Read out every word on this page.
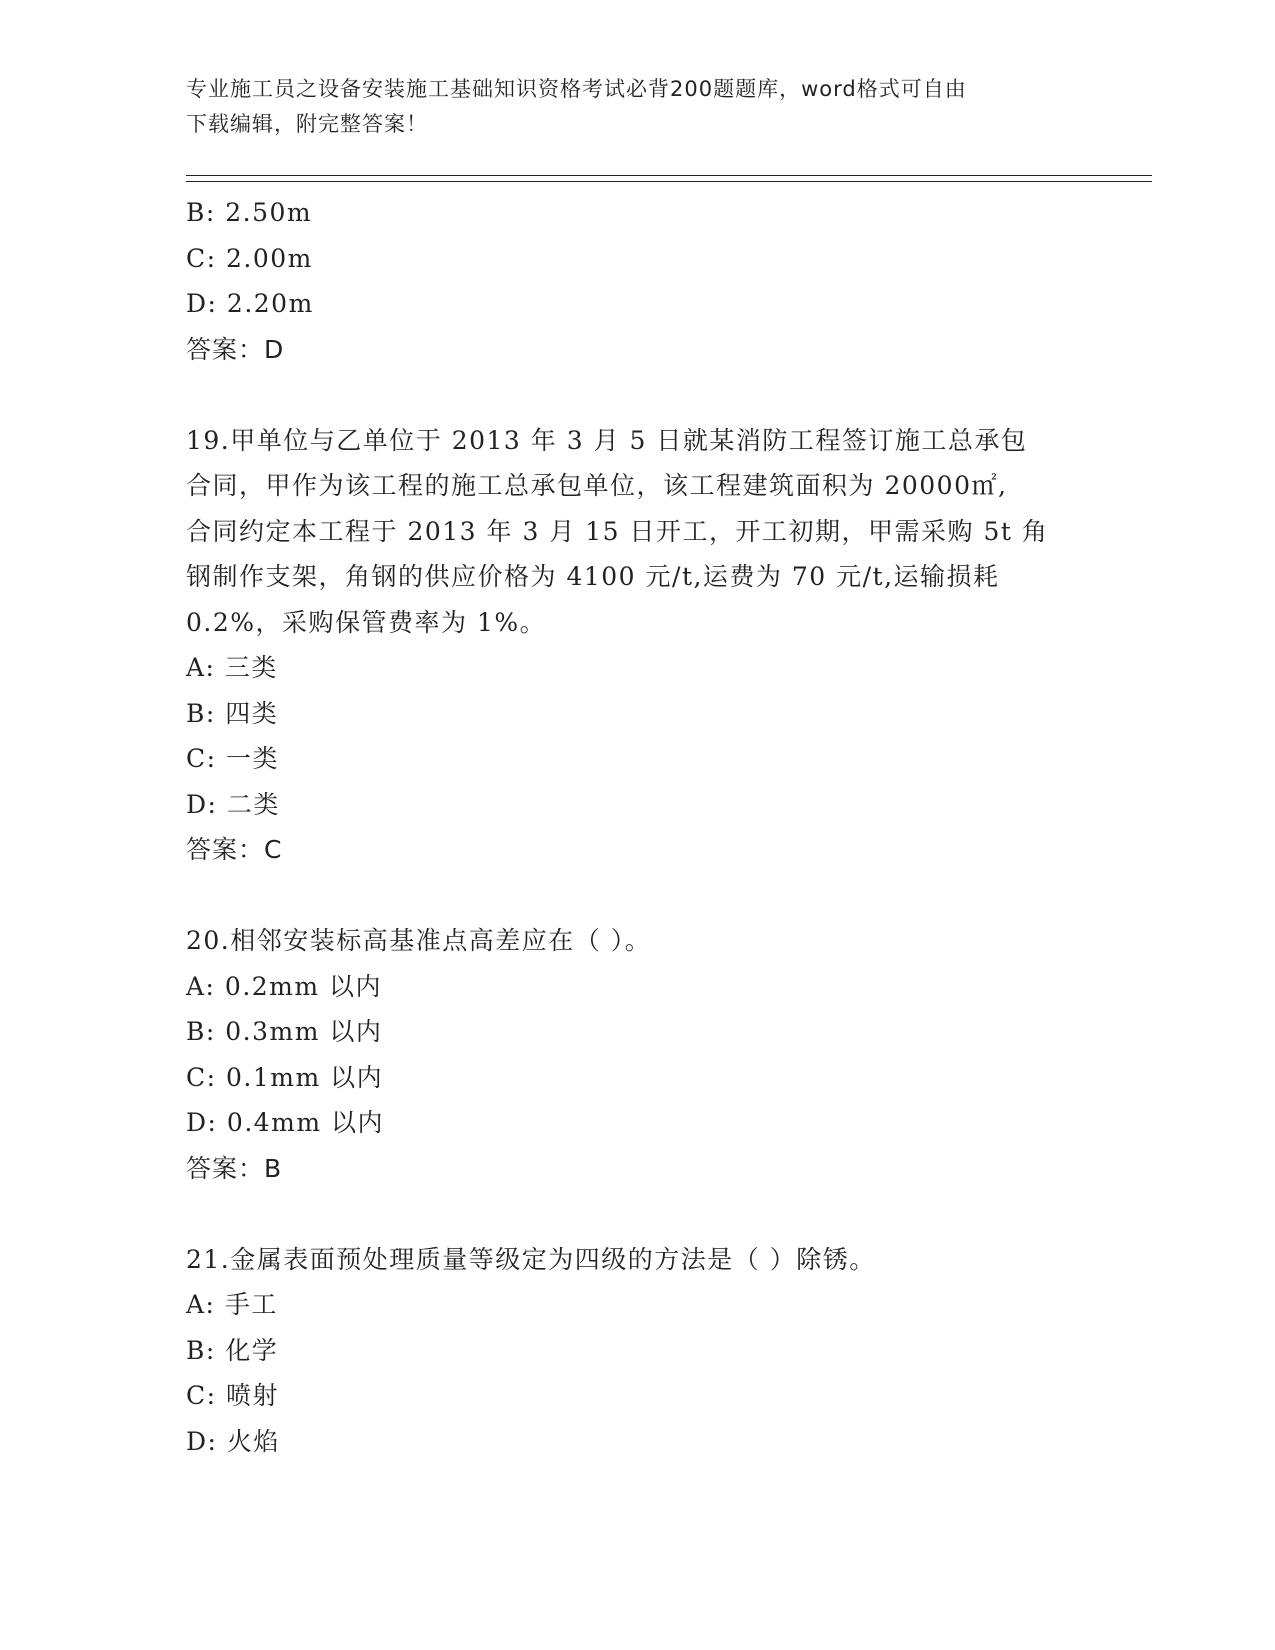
专业施工员之设备安装施工基础知识资格考试必背200题题库，word格式可自由
下载编辑，附完整答案！
B: 2.50m
C: 2.00m
D: 2.20m
答案：D
19.甲单位与乙单位于 2013 年 3 月 5 日就某消防工程签订施工总承包
合同，甲作为该工程的施工总承包单位，该工程建筑面积为 20000㎡,
合同约定本工程于 2013 年 3 月 15 日开工，开工初期，甲需采购 5t 角
钢制作支架，角钢的供应价格为 4100 元/t,运费为 70 元/t,运输损耗
0.2%，采购保管费率为 1%。
A: 三类
B: 四类
C: 一类
D: 二类
答案：C
20.相邻安装标高基准点高差应在（ ）。
A: 0.2mm 以内
B: 0.3mm 以内
C: 0.1mm 以内
D: 0.4mm 以内
答案：B
21.金属表面预处理质量等级定为四级的方法是（ ）除锈。
A: 手工
B: 化学
C: 喷射
D: 火焰
